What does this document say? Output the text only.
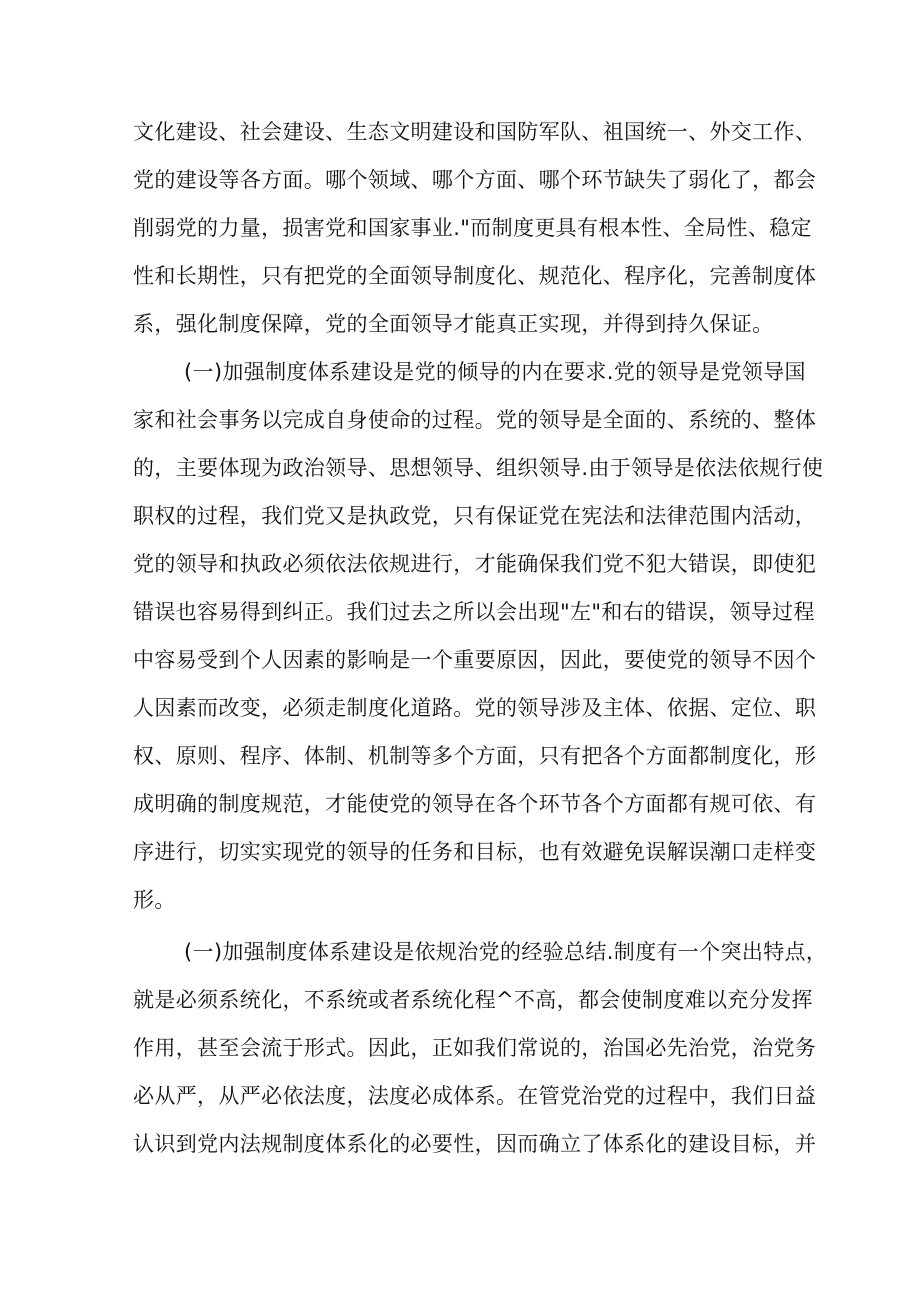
文化建设、社会建设、生态文明建设和国防军队、祖国统一、外交工作、
党的建设等各方面。哪个领域、哪个方面、哪个环节缺失了弱化了，都会
削弱党的力量，损害党和国家事业."而制度更具有根本性、全局性、稳定
性和长期性，只有把党的全面领导制度化、规范化、程序化，完善制度体
系，强化制度保障，党的全面领导才能真正实现，并得到持久保证。
(一)加强制度体系建设是党的倾导的内在要求.党的领导是党领导国
家和社会事务以完成自身使命的过程。党的领导是全面的、系统的、整体
的，主要体现为政治领导、思想领导、组织领导.由于领导是依法依规行使
职权的过程，我们党又是执政党，只有保证党在宪法和法律范围内活动，
党的领导和执政必须依法依规进行，才能确保我们党不犯大错误，即使犯
错误也容易得到纠正。我们过去之所以会出现"左"和右的错误，领导过程
中容易受到个人因素的影响是一个重要原因，因此，要使党的领导不因个
人因素而改变，必须走制度化道路。党的领导涉及主体、依据、定位、职
权、原则、程序、体制、机制等多个方面，只有把各个方面都制度化，形
成明确的制度规范，才能使党的领导在各个环节各个方面都有规可依、有
序进行，切实实现党的领导的任务和目标，也有效避免误解误潮口走样变
形。
(一)加强制度体系建设是依规治党的经验总结.制度有一个突出特点，
就是必须系统化，不系统或者系统化程^不高，都会使制度难以充分发挥
作用，甚至会流于形式。因此，正如我们常说的，治国必先治党，治党务
必从严，从严必依法度，法度必成体系。在管党治党的过程中，我们日益
认识到党内法规制度体系化的必要性，因而确立了体系化的建设目标，并
